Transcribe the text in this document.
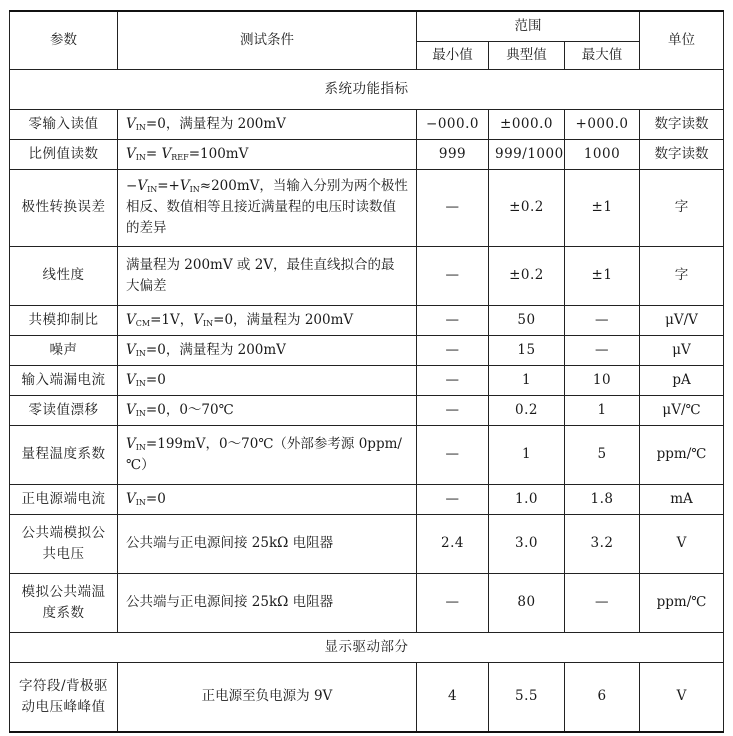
参数	测试条件	范围			单位
		最小值	典型值	最大值	
系统功能指标					
零输入读值	$V_{IN}=0$，满量程为 200mV	−000.0	±000.0	+000.0	数字读数
比例值读数	$V_{IN}= V_{REF}=100mV$	999	999/1000	1000	数字读数
极性转换误差	$-V_{IN}=+V_{IN}\approx 200mV$，当输入分别为两个极性相反、数值相等且接近满量程的电压时读数值的差异	—	±0.2	±1	字
线性度	满量程为 200mV 或 2V，最佳直线拟合的最大偏差	—	±0.2	±1	字
共模抑制比	$V_{CM}=1V$，$V_{IN}=0$，满量程为 200mV	—	50	—	μV/V
噪声	$V_{IN}=0$，满量程为 200mV	—	15	—	μV
输入端漏电流	$V_{IN}=0$	—	1	10	pA
零读值漂移	$V_{IN}=0$，0～70℃	—	0.2	1	μV/℃
量程温度系数	$V_{IN}=199mV$，0～70℃（外部参考源 0ppm/℃）	—	1	5	ppm/℃
正电源端电流	$V_{IN}=0$	—	1.0	1.8	mA
公共端模拟公共电压	公共端与正电源间接 25kΩ 电阻器	2.4	3.0	3.2	V
模拟公共端温度系数	公共端与正电源间接 25kΩ 电阻器	—	80	—	ppm/℃
显示驱动部分					
字符段/背极驱动电压峰峰值	正电源至负电源为 9V	4	5.5	6	V
